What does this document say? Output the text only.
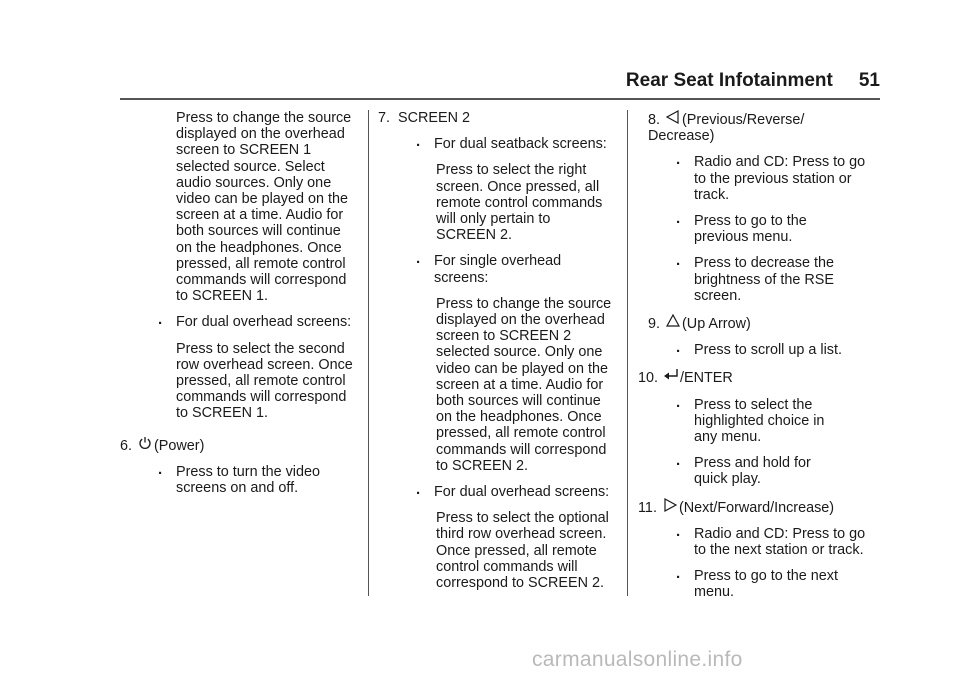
Rear Seat Infotainment 51

Press to change the source displayed on the overhead screen to SCREEN 1 selected source. Select audio sources. Only one video can be played on the screen at a time. Audio for both sources will continue on the headphones. Once pressed, all remote control commands will correspond to SCREEN 1.

. For dual overhead screens:

Press to select the second row overhead screen. Once pressed, all remote control commands will correspond to SCREEN 1.

6. (Power)
. Press to turn the video screens on and off.
7. SCREEN 2
. For dual seatback screens:

Press to select the right screen. Once pressed, all remote control commands will only pertain to SCREEN 2.

. For single overhead screens:

Press to change the source displayed on the overhead screen to SCREEN 2 selected source. Only one video can be played on the screen at a time. Audio for both sources will continue on the headphones. Once pressed, all remote control commands will correspond to SCREEN 2.

. For dual overhead screens:

Press to select the optional third row overhead screen. Once pressed, all remote control commands will correspond to SCREEN 2.

8. (Previous/Reverse/ Decrease)
. Radio and CD: Press to go to the previous station or track.
. Press to go to the previous menu.
. Press to decrease the brightness of the RSE screen.
9. (Up Arrow)
. Press to scroll up a list.
10. /ENTER
. Press to select the highlighted choice in any menu.
. Press and hold for quick play.
11. (Next/Forward/Increase)
. Radio and CD: Press to go to the next station or track.
. Press to go to the next menu.
carmanualsonline.info
